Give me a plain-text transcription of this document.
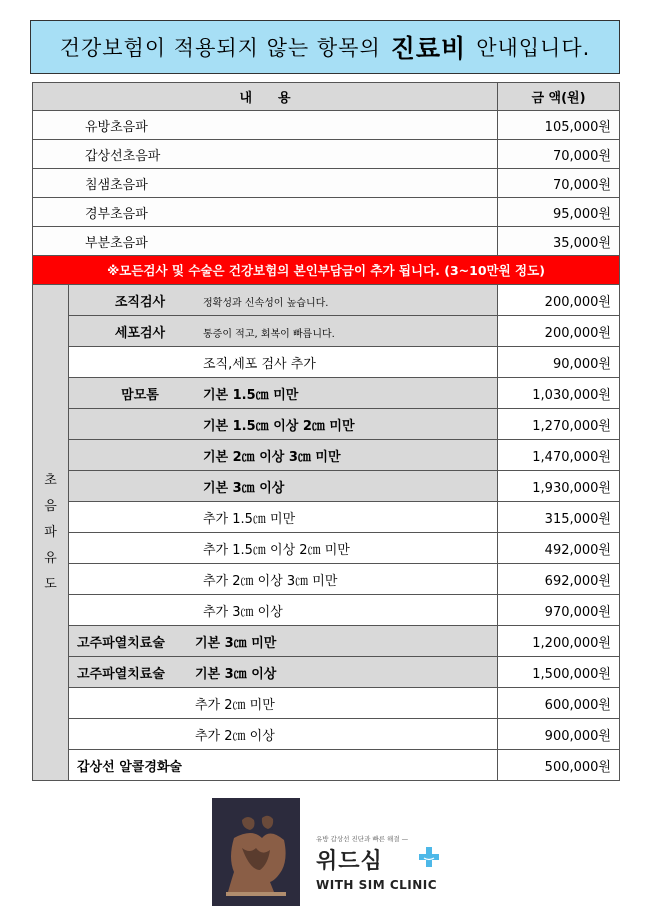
건강보험이 적용되지 않는 항목의 진료비 안내입니다.
내　　용		금 액(원)
유방초음파		105,000원
갑상선초음파		70,000원
침샘초음파		70,000원
경부초음파		95,000원
부분초음파		35,000원
※모든검사 및 수술은 건강보험의 본인부담금이 추가 됩니다. (3~10만원 정도)		
초
음
파
유
도	조직검사 정확성과 신속성이 높습니다.	200,000원
	세포검사 통증이 적고, 회복이 빠릅니다.	200,000원
	조직,세포 검사 추가	90,000원
	맘모톰 기본 1.5㎝ 미만	1,030,000원
	기본 1.5㎝ 이상 2㎝ 미만	1,270,000원
	기본 2㎝ 이상 3㎝ 미만	1,470,000원
	기본 3㎝ 이상	1,930,000원
	추가 1.5㎝ 미만	315,000원
	추가 1.5㎝ 이상 2㎝ 미만	492,000원
	추가 2㎝ 이상 3㎝ 미만	692,000원
	추가 3㎝ 이상	970,000원
	고주파열치료술 기본 3㎝ 미만	1,200,000원
	고주파열치료술 기본 3㎝ 이상	1,500,000원
	추가 2㎝ 미만	600,000원
	추가 2㎝ 이상	900,000원
	갑상선 알콜경화술	500,000원
유방 갑상선 진단과 빠른 해결 —
위드심
WITH SIM CLINIC
